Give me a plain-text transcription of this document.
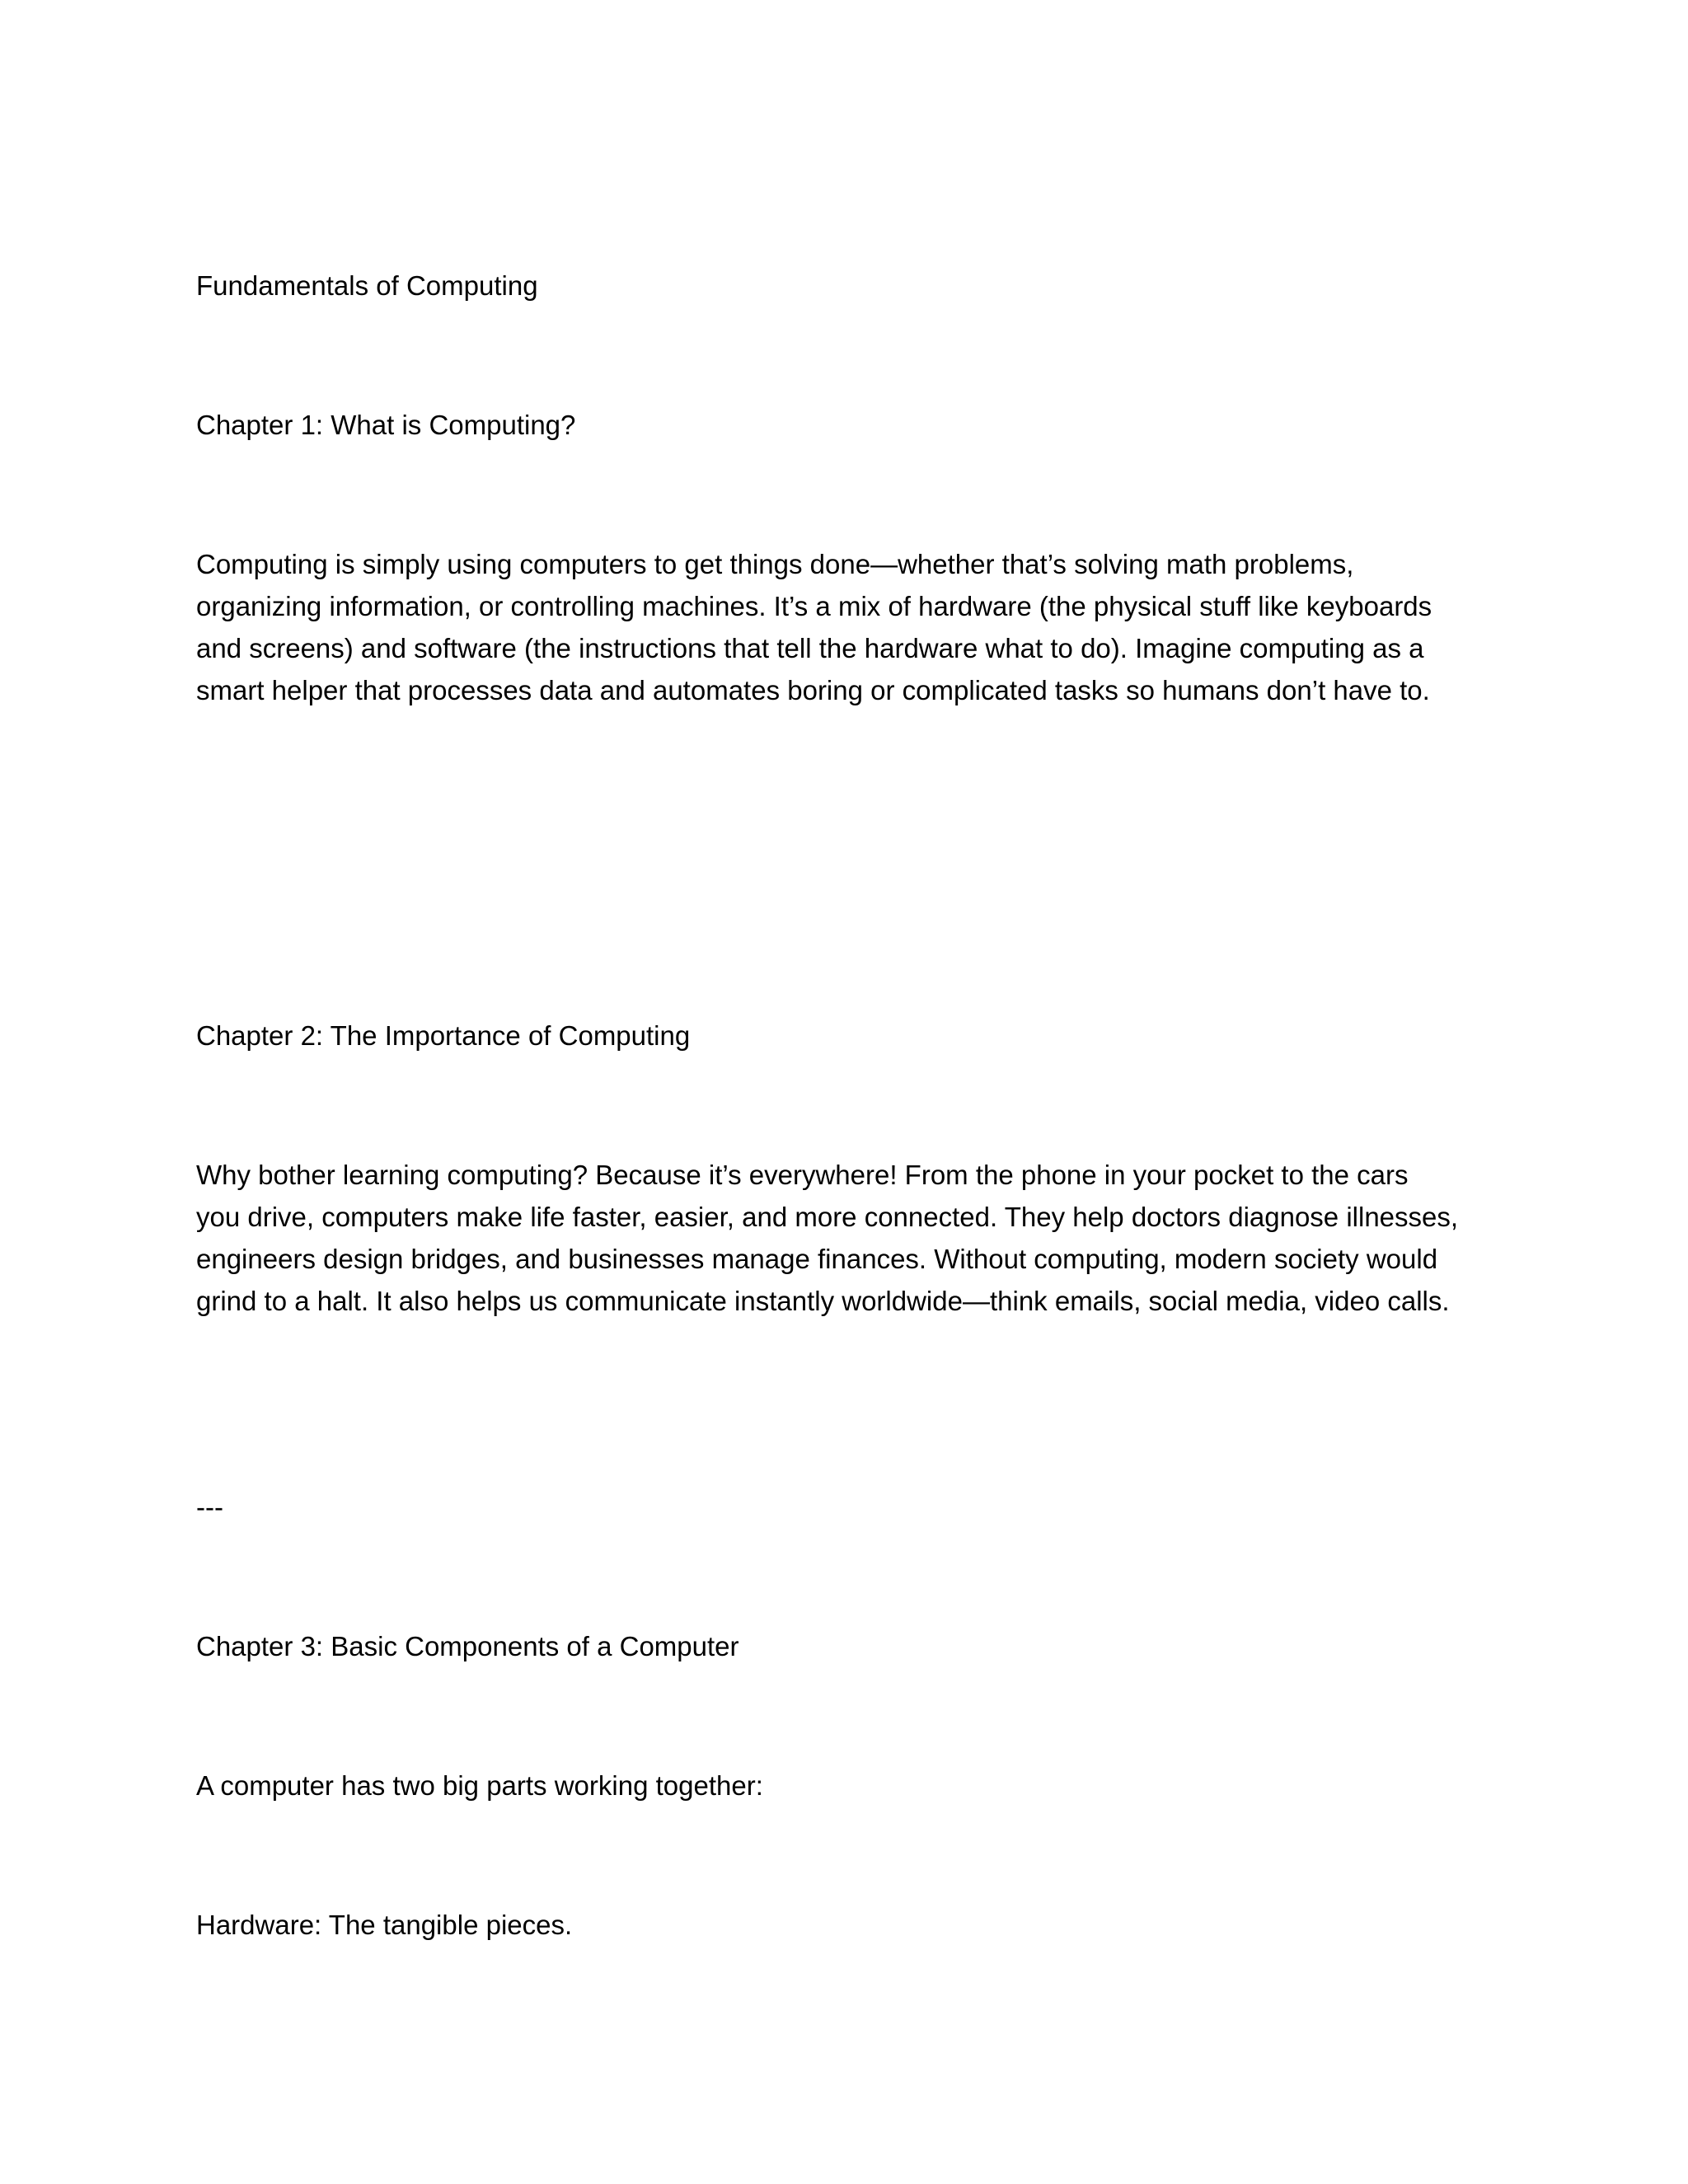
Fundamentals of Computing

Chapter 1: What is Computing?

Computing is simply using computers to get things done—whether that’s solving math problems,
organizing information, or controlling machines. It’s a mix of hardware (the physical stuff like keyboards
and screens) and software (the instructions that tell the hardware what to do). Imagine computing as a
smart helper that processes data and automates boring or complicated tasks so humans don’t have to.

Chapter 2: The Importance of Computing

Why bother learning computing? Because it’s everywhere! From the phone in your pocket to the cars
you drive, computers make life faster, easier, and more connected. They help doctors diagnose illnesses,
engineers design bridges, and businesses manage finances. Without computing, modern society would
grind to a halt. It also helps us communicate instantly worldwide—think emails, social media, video calls.

---

Chapter 3: Basic Components of a Computer

A computer has two big parts working together:

Hardware: The tangible pieces.
